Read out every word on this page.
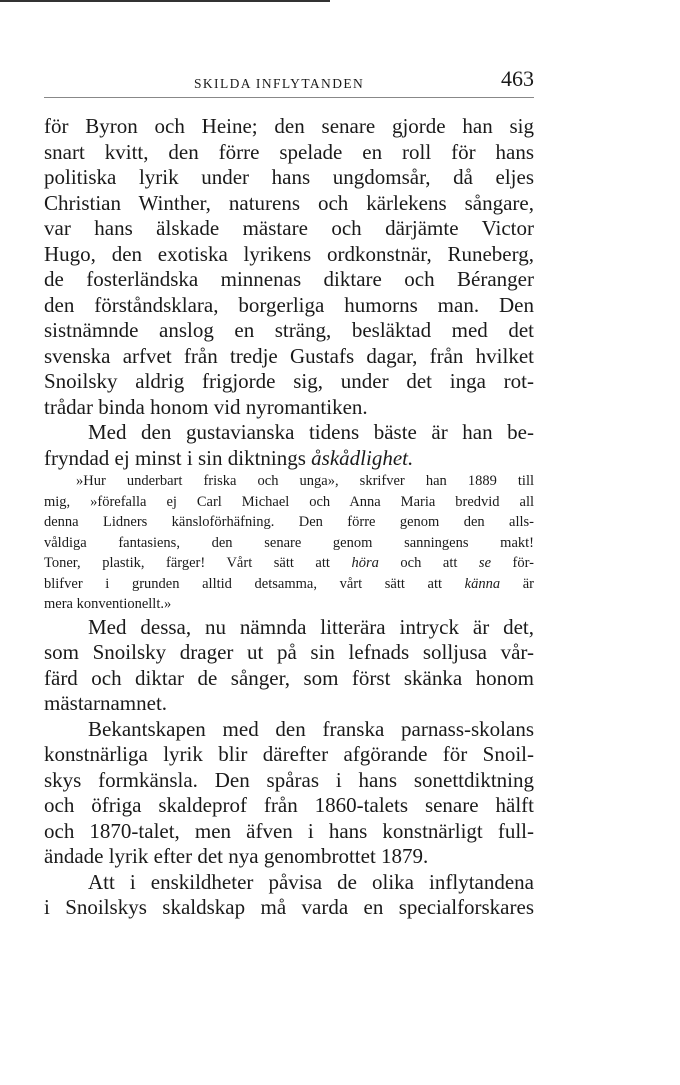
SKILDA INFLYTANDEN	463
för Byron och Heine; den senare gjorde han sig
snart kvitt, den förre spelade en roll för hans
politiska lyrik under hans ungdomsår, då eljes
Christian Winther, naturens och kärlekens sångare,
var hans älskade mästare och därjämte Victor
Hugo, den exotiska lyrikens ordkonstnär, Runeberg,
de fosterländska minnenas diktare och Béranger
den förståndsklara, borgerliga humorns man. Den
sistnämnde anslog en sträng, besläktad med det
svenska arfvet från tredje Gustafs dagar, från hvilket
Snoilsky aldrig frigjorde sig, under det inga rot-
trådar binda honom vid nyromantiken.
Med den gustavianska tidens bäste är han be-
fryndad ej minst i sin diktnings åskådlighet.
»Hur underbart friska och unga», skrifver han 1889 till
mig, »förefalla ej Carl Michael och Anna Maria bredvid all
denna Lidners känsloförhäfning. Den förre genom den alls-
våldiga fantasiens, den senare genom sanningens makt!
Toner, plastik, färger! Vårt sätt att höra och att se för-
blifver i grunden alltid detsamma, vårt sätt att känna är
mera konventionellt.»
Med dessa, nu nämnda litterära intryck är det,
som Snoilsky drager ut på sin lefnads solljusa vår-
färd och diktar de sånger, som först skänka honom
mästarnamnet.
Bekantskapen med den franska parnass-skolans
konstnärliga lyrik blir därefter afgörande för Snoil-
skys formkänsla. Den spåras i hans sonettdiktning
och öfriga skaldeprof från 1860-talets senare hälft
och 1870-talet, men äfven i hans konstnärligt full-
ändade lyrik efter det nya genombrottet 1879.
Att i enskildheter påvisa de olika inflytandena
i Snoilskys skaldskap må varda en specialforskares
